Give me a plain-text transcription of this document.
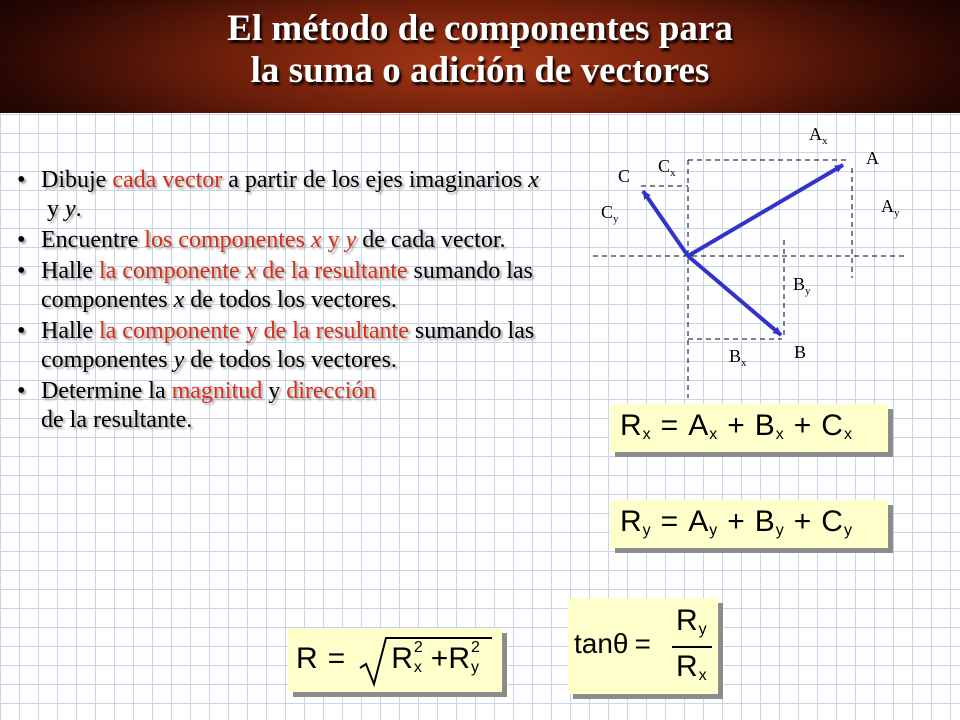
El método de componentes para
la suma o adición de vectores
• Dibuje cada vector a partir de los ejes imaginarios x y y.
• Encuentre los componentes x y y de cada vector.
• Halle la componente x de la resultante sumando las componentes x de todos los vectores.
• Halle la componente y de la resultante sumando las componentes y de todos los vectores.
• Determine la magnitud y dirección
de la resultante.
A
B
C
$A_x$
$A_y$
$B_y$
$B_x$
$C_x$
$C_y$
Rx = Ax + Bx + Cx
Ry = Ay + By + Cy
$R = Rx^2 +Ry^2$	tanθ =
Ry
Rx
